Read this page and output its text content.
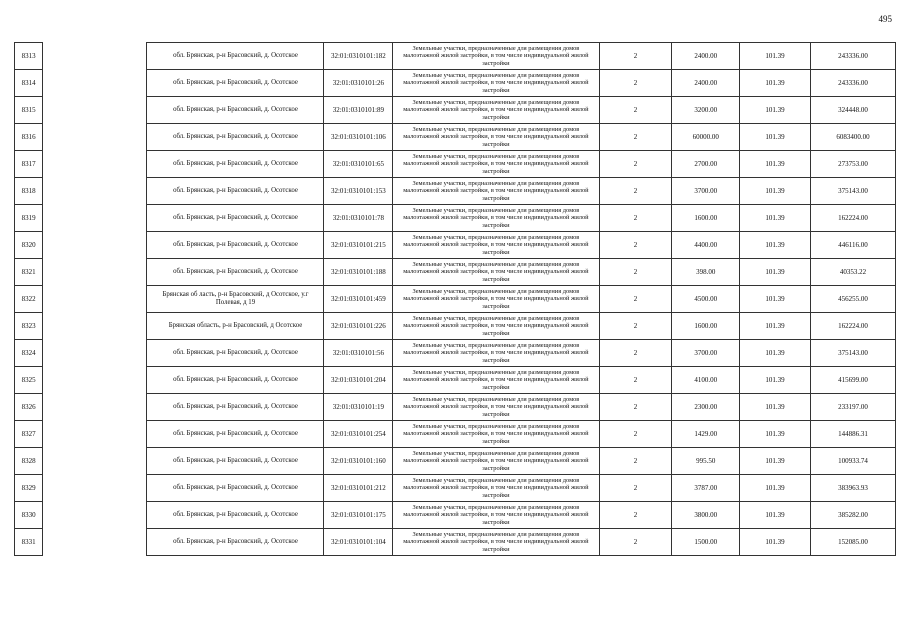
495
8313		обл. Брянская, р-н Брасовский, д. Осотское	32:01:0310101:182	Земельные участки, предназначенные для размещения домов малоэтажной жилой застройки, в том числе индивидуальной жилой застройки	2	2400.00	101.39	243336.00
8314		обл. Брянская, р-н Брасовский, д. Осотское	32:01:0310101:26	Земельные участки, предназначенные для размещения домов малоэтажной жилой застройки, в том числе индивидуальной жилой застройки	2	2400.00	101.39	243336.00
8315		обл. Брянская, р-н Брасовский, д. Осотское	32:01:0310101:89	Земельные участки, предназначенные для размещения домов малоэтажной жилой застройки, в том числе индивидуальной жилой застройки	2	3200.00	101.39	324448.00
8316		обл. Брянская, р-н Брасовский, д. Осотское	32:01:0310101:106	Земельные участки, предназначенные для размещения домов малоэтажной жилой застройки, в том числе индивидуальной жилой застройки	2	60000.00	101.39	6083400.00
8317		обл. Брянская, р-н Брасовский, д. Осотское	32:01:0310101:65	Земельные участки, предназначенные для размещения домов малоэтажной жилой застройки, в том числе индивидуальной жилой застройки	2	2700.00	101.39	273753.00
8318		обл. Брянская, р-н Брасовский, д. Осотское	32:01:0310101:153	Земельные участки, предназначенные для размещения домов малоэтажной жилой застройки, в том числе индивидуальной жилой застройки	2	3700.00	101.39	375143.00
8319		обл. Брянская, р-н Брасовский, д. Осотское	32:01:0310101:78	Земельные участки, предназначенные для размещения домов малоэтажной жилой застройки, в том числе индивидуальной жилой застройки	2	1600.00	101.39	162224.00
8320		обл. Брянская, р-н Брасовский, д. Осотское	32:01:0310101:215	Земельные участки, предназначенные для размещения домов малоэтажной жилой застройки, в том числе индивидуальной жилой застройки	2	4400.00	101.39	446116.00
8321		обл. Брянская, р-н Брасовский, д. Осотское	32:01:0310101:188	Земельные участки, предназначенные для размещения домов малоэтажной жилой застройки, в том числе индивидуальной жилой застройки	2	398.00	101.39	40353.22
8322		Брянская об ласть, р-н Брасовский, д Осотское, у.г Полевая, д 19	32:01:0310101:459	Земельные участки, предназначенные для размещения домов малоэтажной жилой застройки, в том числе индивидуальной жилой застройки	2	4500.00	101.39	456255.00
8323		Брянская область, р-н Брасовский, д Осотское	32:01:0310101:226	Земельные участки, предназначенные для размещения домов малоэтажной жилой застройки, в том числе индивидуальной жилой застройки	2	1600.00	101.39	162224.00
8324		обл. Брянская, р-н Брасовский, д. Осотское	32:01:0310101:56	Земельные участки, предназначенные для размещения домов малоэтажной жилой застройки, в том числе индивидуальной жилой застройки	2	3700.00	101.39	375143.00
8325		обл. Брянская, р-н Брасовский, д. Осотское	32:01:0310101:204	Земельные участки, предназначенные для размещения домов малоэтажной жилой застройки, в том числе индивидуальной жилой застройки	2	4100.00	101.39	415699.00
8326		обл. Брянская, р-н Брасовский, д. Осотское	32:01:0310101:19	Земельные участки, предназначенные для размещения домов малоэтажной жилой застройки, в том числе индивидуальной жилой застройки	2	2300.00	101.39	233197.00
8327		обл. Брянская, р-н Брасовский, д. Осотское	32:01:0310101:254	Земельные участки, предназначенные для размещения домов малоэтажной жилой застройки, в том числе индивидуальной жилой застройки	2	1429.00	101.39	144886.31
8328		обл. Брянская, р-н Брасовский, д. Осотское	32:01:0310101:160	Земельные участки, предназначенные для размещения домов малоэтажной жилой застройки, в том числе индивидуальной жилой застройки	2	995.50	101.39	100933.74
8329		обл. Брянская, р-н Брасовский, д. Осотское	32:01:0310101:212	Земельные участки, предназначенные для размещения домов малоэтажной жилой застройки, в том числе индивидуальной жилой застройки	2	3787.00	101.39	383963.93
8330		обл. Брянская, р-н Брасовский, д. Осотское	32:01:0310101:175	Земельные участки, предназначенные для размещения домов малоэтажной жилой застройки, в том числе индивидуальной жилой застройки	2	3800.00	101.39	385282.00
8331		обл. Брянская, р-н Брасовский, д. Осотское	32:01:0310101:104	Земельные участки, предназначенные для размещения домов малоэтажной жилой застройки, в том числе индивидуальной жилой застройки	2	1500.00	101.39	152085.00
